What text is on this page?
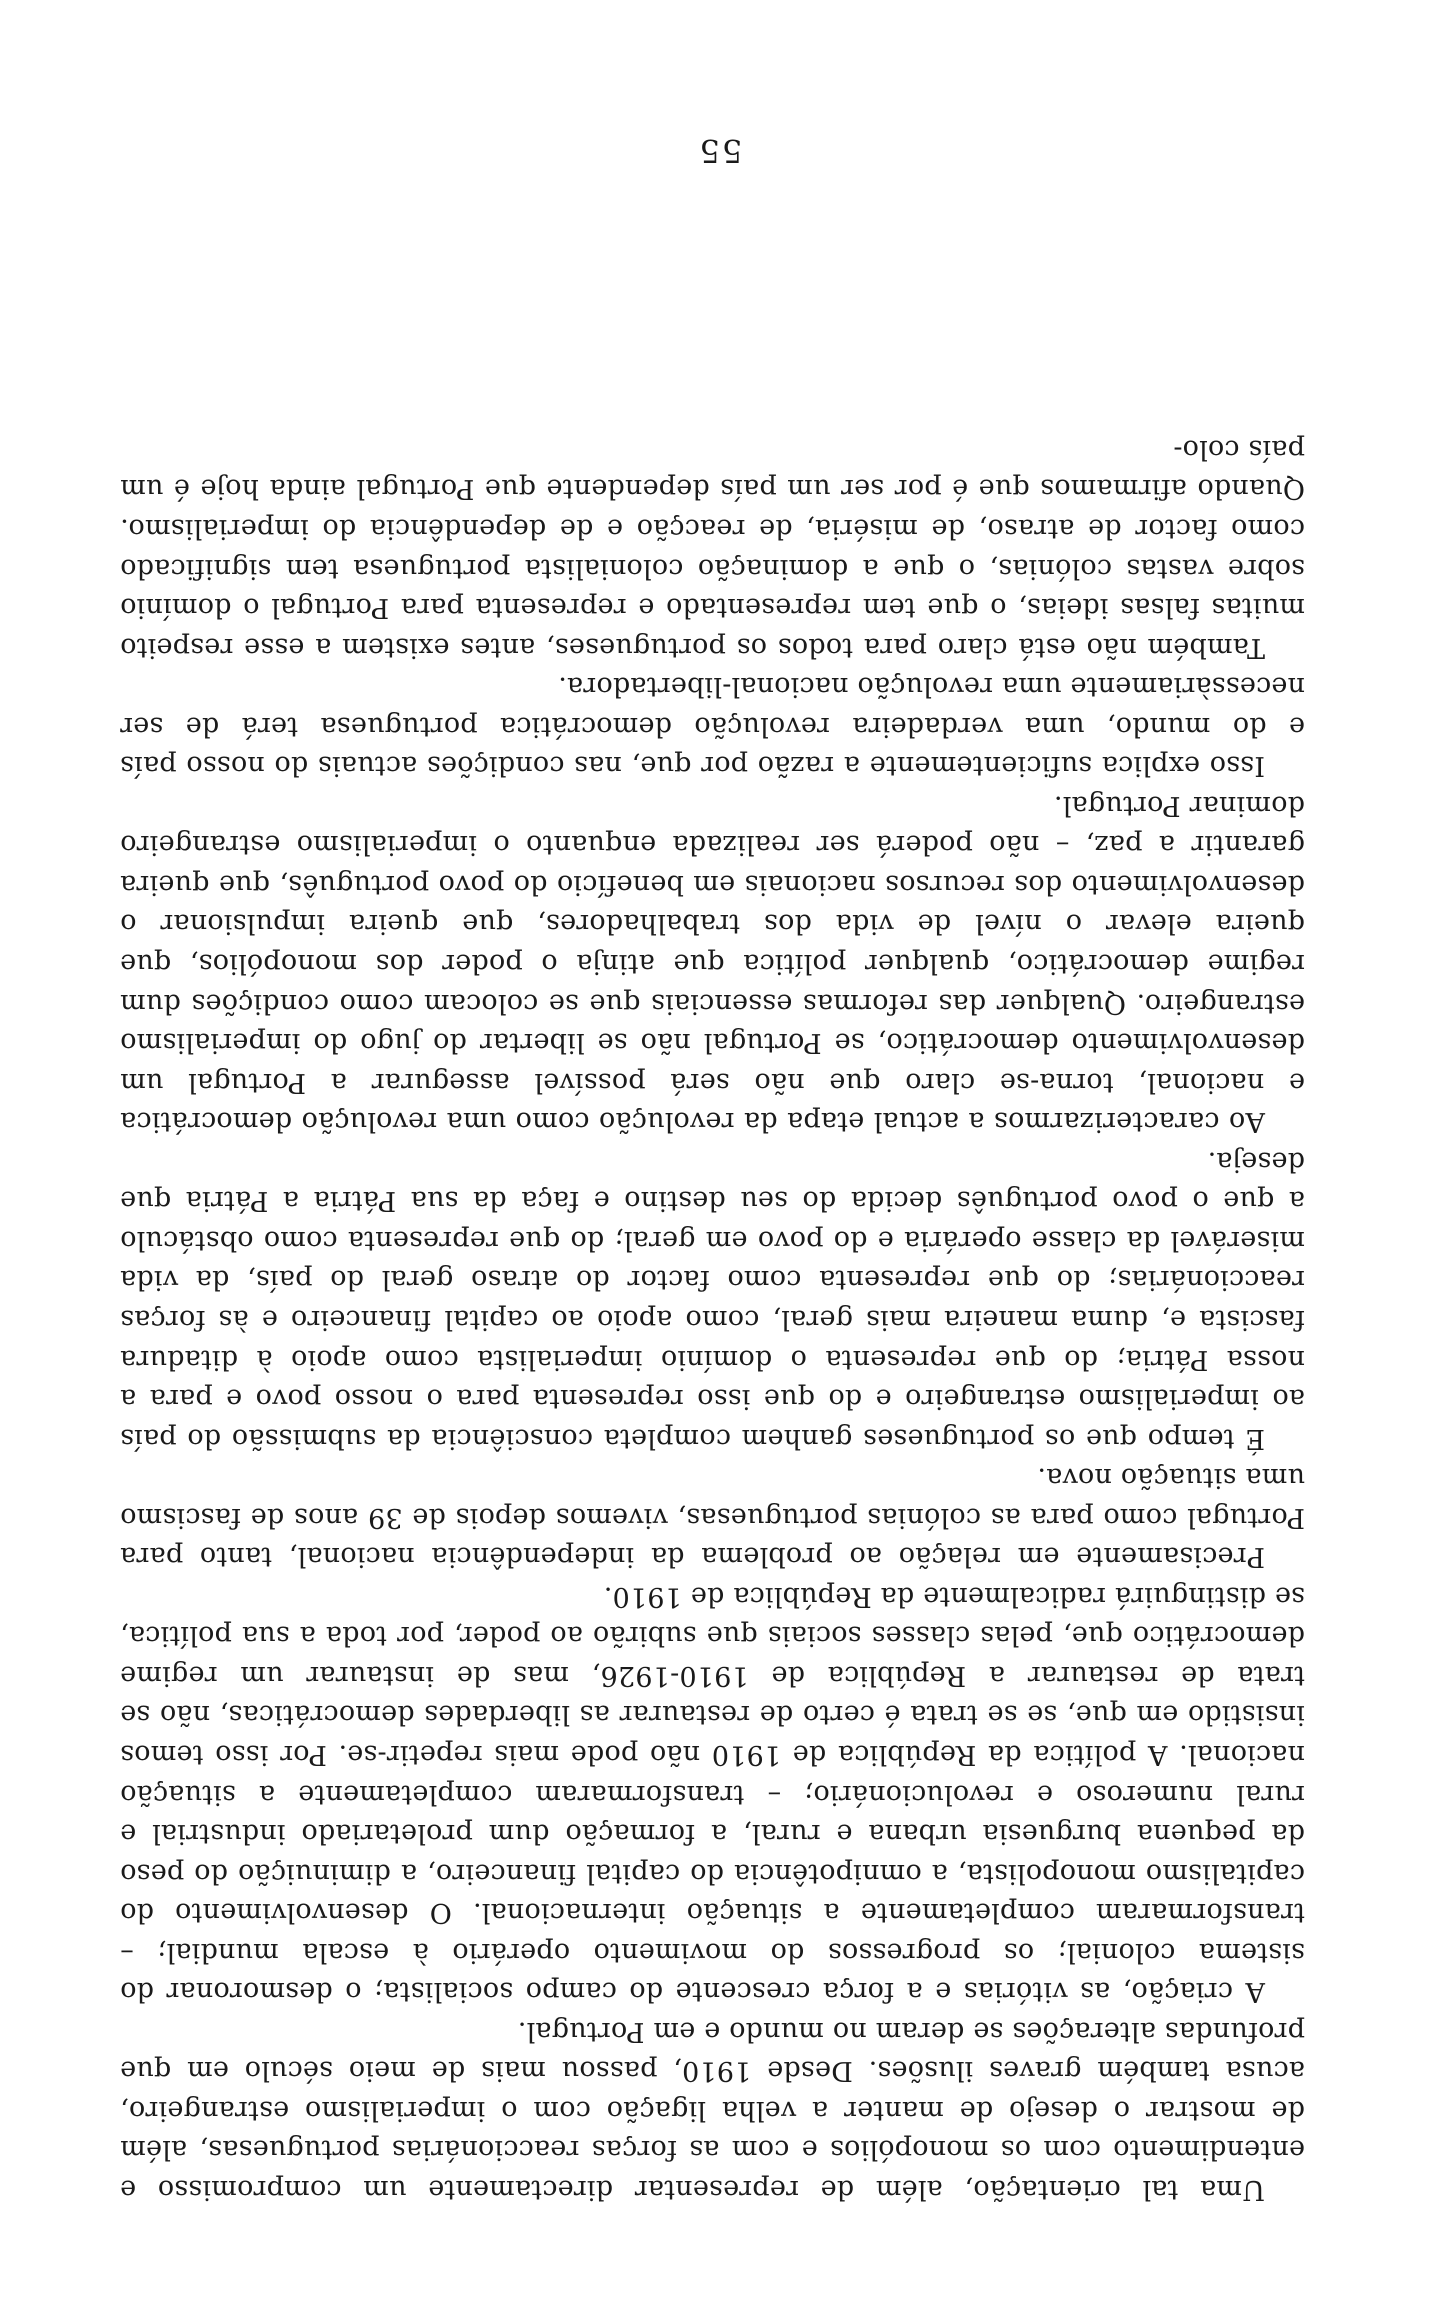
Uma tal orientação, além de representar directamente um compromisso e entendimento com os monopólios e com as forças reaccionárias portuguesas, além de mostrar o desejo de manter a velha ligação com o imperialismo estrangeiro, acusa também graves ilusões. Desde 1910, passou mais de meio século em que profundas alterações se deram no mundo e em Portugal.

A criação, as vitórias e a força crescente do campo socialista; o desmoronar do sistema colonial; os progressos do movimento operário à escala mundial; – transformaram completamente a situação internacional. O desenvolvimento do capitalismo monopolista, a omnipotência do capital financeiro, a diminuição do peso da pequena burguesia urbana e rural, a formação dum proletariado industrial e rural numeroso e revolucionário; – transformaram completamente a situação nacional. A política da República de 1910 não pode mais repetir-se. Por isso temos insistido em que, se se trata é certo de restaurar as liberdades democráticas, não se trata de restaurar a República de 1910-1926, mas de instaurar um regime democrático que, pelas classes sociais que subirão ao poder, por toda a sua política, se distinguirá radicalmente da República de 1910.

Precisamente em relação ao problema da independência nacional, tanto para Portugal como para as colónias portuguesas, vivemos depois de 39 anos de fascismo uma situação nova.

É tempo que os portugueses ganhem completa consciência da submissão do país ao imperialismo estrangeiro e do que isso representa para o nosso povo e para a nossa Pátria; do que representa o domínio imperialista como apoio à ditadura fascista e, duma maneira mais geral, como apoio ao capital financeiro e às forças reaccionárias; do que representa como factor do atraso geral do país, da vida miserável da classe operária e do povo em geral; do que representa como obstáculo a que o povo português decida do seu destino e faça da sua Pátria a Pátria que deseja.

Ao caracterizarmos a actual etapa da revolução como uma revolução democrática e nacional, torna-se claro que não será possível assegurar a Portugal um desenvolvimento democrático, se Portugal não se libertar do jugo do imperialismo estrangeiro. Qualquer das reformas essenciais que se colocam como condições dum regime democrático, qualquer política que atinja o poder dos monopólios, que queira elevar o nível de vida dos trabalhadores, que queira impulsionar o desenvolvimento dos recursos nacionais em benefício do povo português, que queira garantir a paz, – não poderá ser realizada enquanto o imperialismo estrangeiro dominar Portugal.

Isso explica suficientemente a razão por que, nas condições actuais do nosso país e do mundo, uma verdadeira revolução democrática portuguesa terá de ser necessàriamente uma revolução nacional-libertadora.

Também não está claro para todos os portugueses, antes existem a esse respeito muitas falsas ideias, o que tem representado e representa para Portugal o domínio sobre vastas colónias, o que a dominação colonialista portuguesa tem significado como factor de atraso, de miséria, de reacção e de dependência do imperialismo. Quando afirmamos que é por ser um país dependente que Portugal ainda hoje é um país colo-

55
